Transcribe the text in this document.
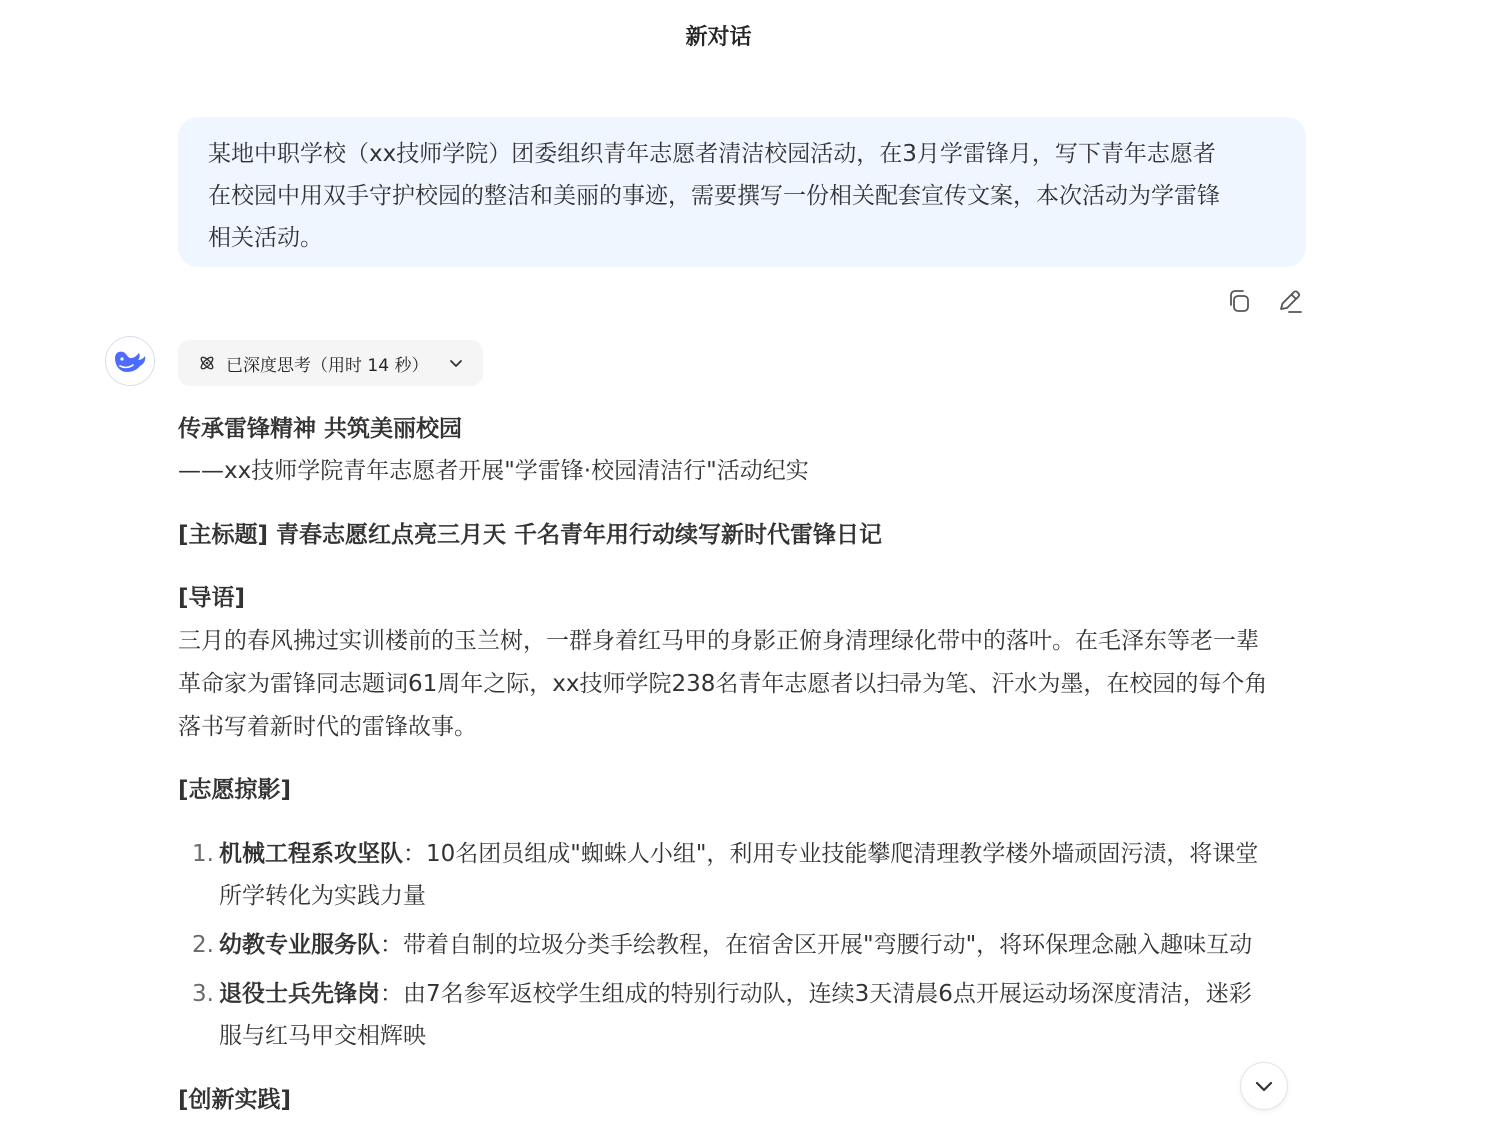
新对话

某地中职学校（xx技师学院）团委组织青年志愿者清洁校园活动，在3月学雷锋月，写下青年志愿者

在校园中用双手守护校园的整洁和美丽的事迹，需要撰写一份相关配套宣传文案，本次活动为学雷锋

相关活动。

已深度思考（用时 14 秒）
传承雷锋精神 共筑美丽校园
——xx技师学院青年志愿者开展"学雷锋·校园清洁行"活动纪实
[主标题] 青春志愿红点亮三月天 千名青年用行动续写新时代雷锋日记
[导语]
三月的春风拂过实训楼前的玉兰树，一群身着红马甲的身影正俯身清理绿化带中的落叶。在毛泽东等老一辈
革命家为雷锋同志题词61周年之际，xx技师学院238名青年志愿者以扫帚为笔、汗水为墨，在校园的每个角
落书写着新时代的雷锋故事。
[志愿掠影]
1. 机械工程系攻坚队：10名团员组成"蜘蛛人小组"，利用专业技能攀爬清理教学楼外墙顽固污渍，将课堂
所学转化为实践力量
2. 幼教专业服务队：带着自制的垃圾分类手绘教程，在宿舍区开展"弯腰行动"，将环保理念融入趣味互动
3. 退役士兵先锋岗：由7名参军返校学生组成的特别行动队，连续3天清晨6点开展运动场深度清洁，迷彩
服与红马甲交相辉映
[创新实践]
